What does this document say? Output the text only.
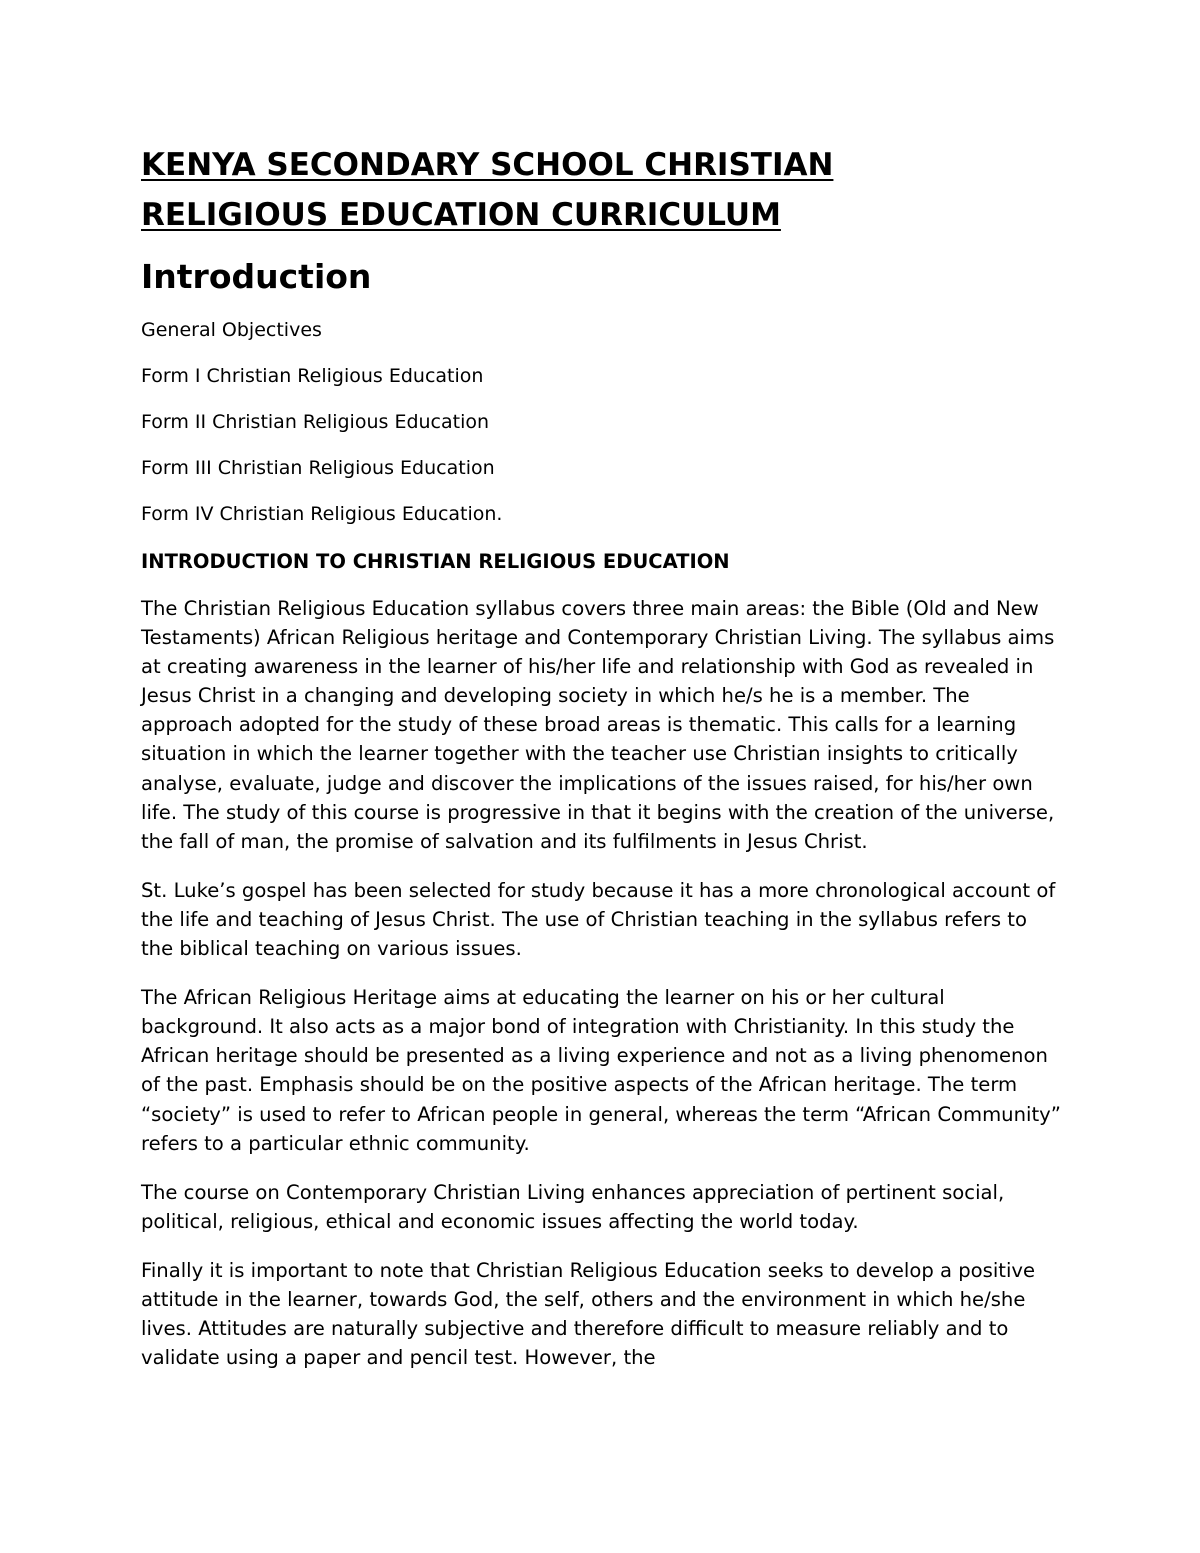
KENYA SECONDARY SCHOOL CHRISTIAN
RELIGIOUS EDUCATION CURRICULUM
Introduction
General Objectives
Form I Christian Religious Education
Form II Christian Religious Education
Form III Christian Religious Education
Form IV Christian Religious Education.
INTRODUCTION TO CHRISTIAN RELIGIOUS EDUCATION

The Christian Religious Education syllabus covers three main areas: the Bible (Old and New Testaments) African Religious heritage and Contemporary Christian Living. The syllabus aims at creating awareness in the learner of his/her life and relationship with God as revealed in Jesus Christ in a changing and developing society in which he/s he is a member. The approach adopted for the study of these broad areas is thematic. This calls for a learning situation in which the learner together with the teacher use Christian insights to critically analyse, evaluate, judge and discover the implications of the issues raised, for his/her own life. The study of this course is progressive in that it begins with the creation of the universe, the fall of man, the promise of salvation and its fulfilments in Jesus Christ.

St. Luke’s gospel has been selected for study because it has a more chronological account of the life and teaching of Jesus Christ. The use of Christian teaching in the syllabus refers to the biblical teaching on various issues.

The African Religious Heritage aims at educating the learner on his or her cultural background. It also acts as a major bond of integration with Christianity. In this study the African heritage should be presented as a living experience and not as a living phenomenon of the past. Emphasis should be on the positive aspects of the African heritage. The term “society” is used to refer to African people in general, whereas the term “African Community” refers to a particular ethnic community.

The course on Contemporary Christian Living enhances appreciation of pertinent social, political, religious, ethical and economic issues affecting the world today.

Finally it is important to note that Christian Religious Education seeks to develop a positive attitude in the learner, towards God, the self, others and the environment in which he/she lives. Attitudes are naturally subjective and therefore difficult to measure reliably and to validate using a paper and pencil test. However, the
